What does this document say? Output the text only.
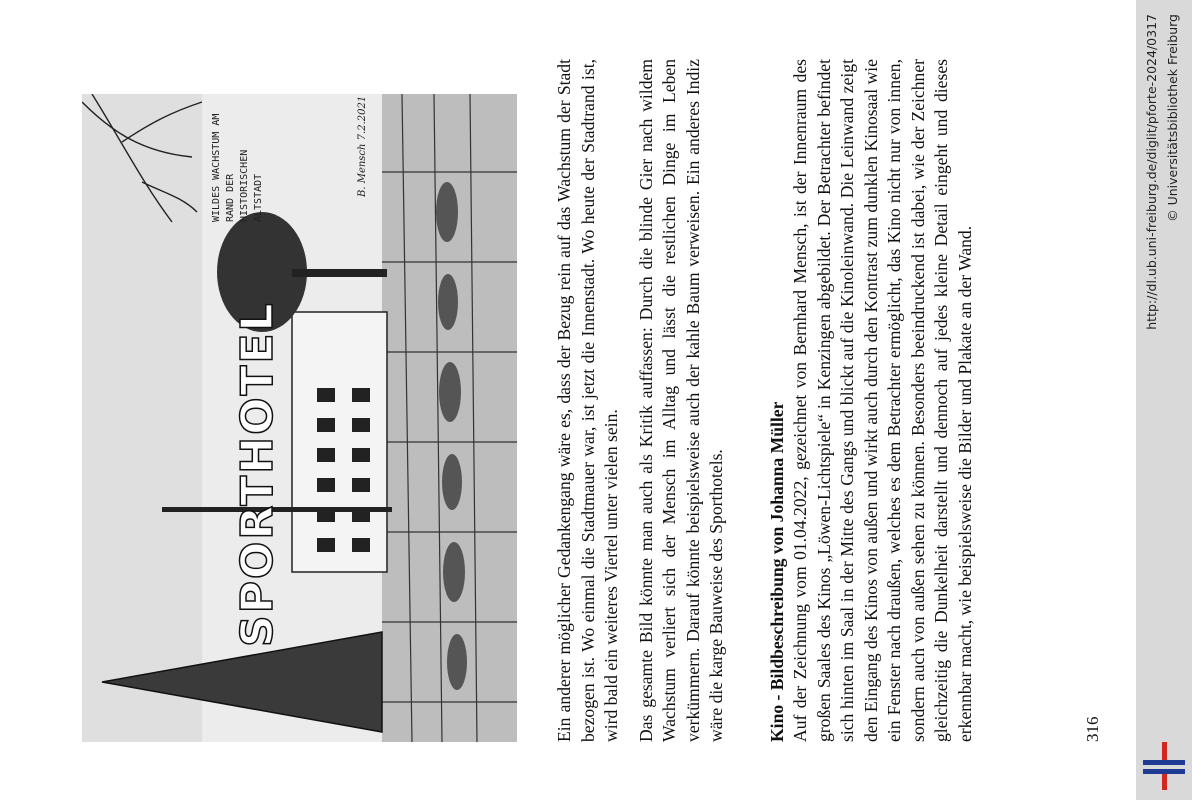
SPORTHOTEL
WILDES WACHSTUM AM RAND DER HISTORISCHEN ALTSTADT
B. Mensch 7.2.2021	Ein anderer möglicher Gedankengang wäre es, dass der Bezug rein auf das Wachstum der Stadt bezogen ist. Wo einmal die Stadtmauer war, ist jetzt die Innenstadt. Wo heute der Stadtrand ist, wird bald ein weiteres Viertel unter vielen sein. Das gesamte Bild könnte man auch als Kritik auffassen: Durch die blinde Gier nach wildem Wachstum verliert sich der Mensch im Alltag und lässt die restlichen Dinge im Leben verkümmern. Darauf könnte beispielsweise auch der kahle Baum verweisen. Ein anderes Indiz wäre die karge Bauweise des Sporthotels. Kino - Bildbeschreibung von Johanna Müller Auf der Zeichnung vom 01.04.2022, gezeichnet von Bernhard Mensch, ist der Innenraum des großen Saales des Kinos „Löwen-Lichtspiele“ in Kenzingen abgebildet. Der Betrachter befindet sich hinten im Saal in der Mitte des Gangs und blickt auf die Kinoleinwand. Die Leinwand zeigt den Eingang des Kinos von außen und wirkt auch durch den Kontrast zum dunklen Kinosaal wie ein Fenster nach draußen, welches es dem Betrachter ermöglicht, das Kino nicht nur von innen, sondern auch von außen sehen zu können. Besonders beeindruckend ist dabei, wie der Zeichner gleichzeitig die Dunkelheit darstellt und dennoch auf jedes kleine Detail eingeht und dieses erkennbar macht, wie beispielsweise die Bilder und Plakate an der Wand.	316
http://dl.ub.uni-freiburg.de/diglit/pforte-2024/0317 © Universitätsbibliothek Freiburg
